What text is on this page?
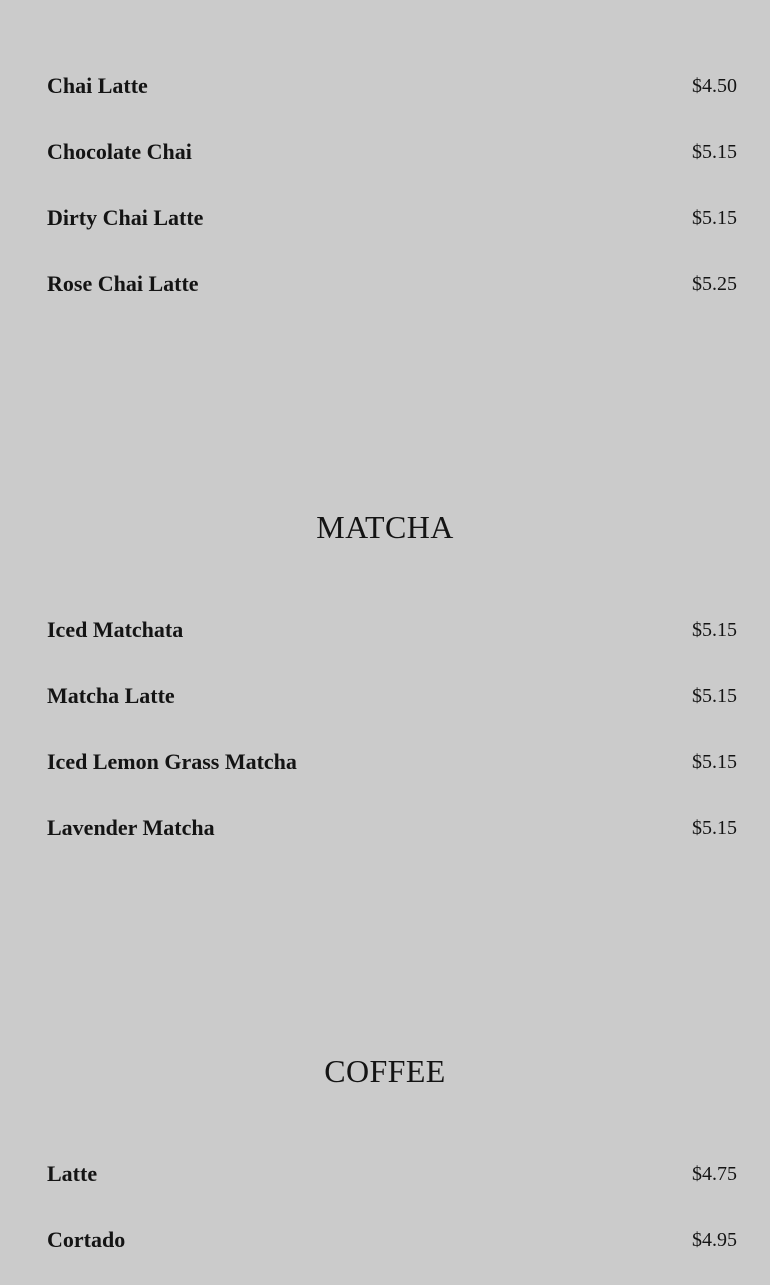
Chai Latte	$4.50
Chocolate Chai	$5.15
Dirty Chai Latte	$5.15
Rose Chai Latte	$5.25
MATCHA
Iced Matchata	$5.15
Matcha Latte	$5.15
Iced Lemon Grass Matcha	$5.15
Lavender Matcha	$5.15
COFFEE
Latte	$4.75
Cortado	$4.95
